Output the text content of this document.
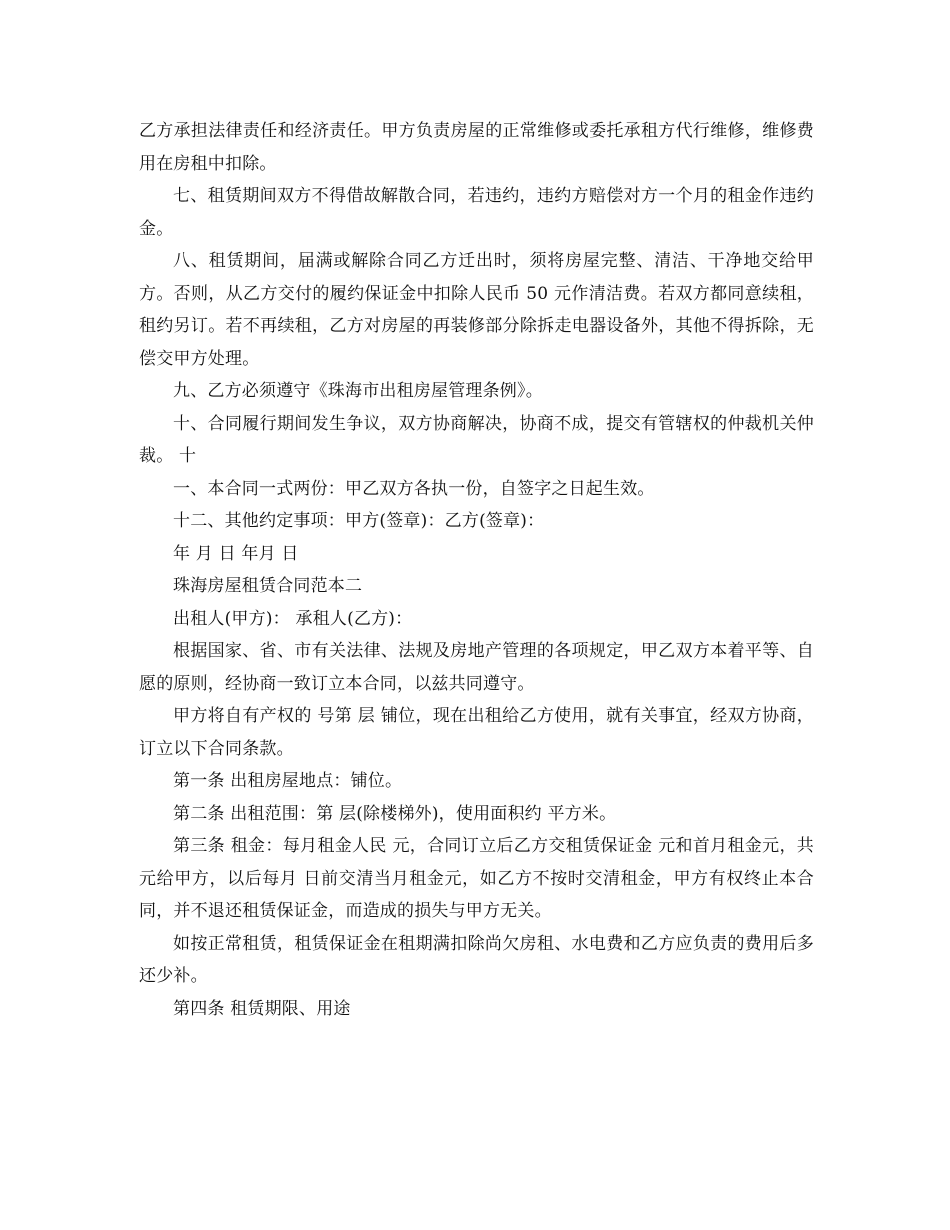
乙方承担法律责任和经济责任。甲方负责房屋的正常维修或委托承租方代行维修，维修费用在房租中扣除。

七、租赁期间双方不得借故解散合同，若违约，违约方赔偿对方一个月的租金作违约金。

八、租赁期间，届满或解除合同乙方迁出时，须将房屋完整、清洁、干净地交给甲方。否则，从乙方交付的履约保证金中扣除人民币 50 元作清洁费。若双方都同意续租，租约另订。若不再续租，乙方对房屋的再装修部分除拆走电器设备外，其他不得拆除，无偿交甲方处理。

九、乙方必须遵守《珠海市出租房屋管理条例》。

十、合同履行期间发生争议，双方协商解决，协商不成，提交有管辖权的仲裁机关仲裁。 十

一、本合同一式两份：甲乙双方各执一份，自签字之日起生效。

十二、其他约定事项：甲方(签章)：乙方(签章)：

年 月 日 年月 日

珠海房屋租赁合同范本二

出租人(甲方)： 承租人(乙方)：

根据国家、省、市有关法律、法规及房地产管理的各项规定，甲乙双方本着平等、自愿的原则，经协商一致订立本合同，以兹共同遵守。

甲方将自有产权的 号第 层 铺位，现在出租给乙方使用，就有关事宜，经双方协商，订立以下合同条款。

第一条 出租房屋地点：铺位。

第二条 出租范围：第 层(除楼梯外)，使用面积约 平方米。

第三条 租金：每月租金人民 元，合同订立后乙方交租赁保证金 元和首月租金元，共 元给甲方，以后每月 日前交清当月租金元，如乙方不按时交清租金，甲方有权终止本合同，并不退还租赁保证金，而造成的损失与甲方无关。

如按正常租赁，租赁保证金在租期满扣除尚欠房租、水电费和乙方应负责的费用后多还少补。

第四条 租赁期限、用途
